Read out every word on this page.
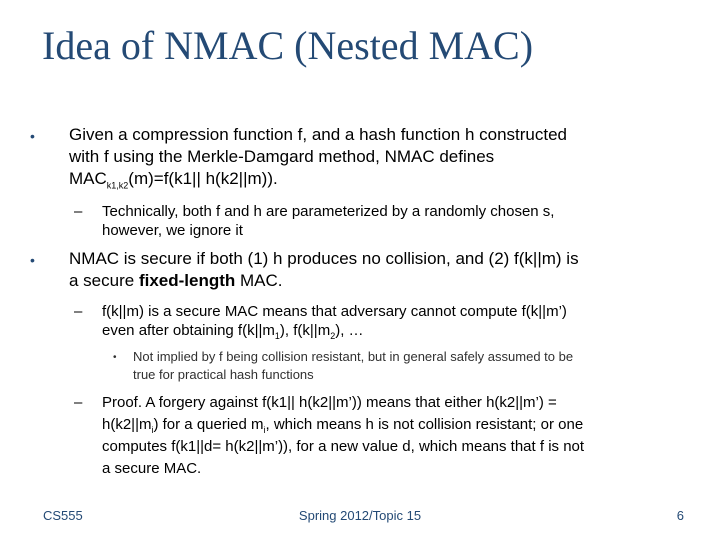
Idea of NMAC (Nested MAC)
•	Given a compression function f, and a hash function h constructed
with f using the Merkle-Damgard method, NMAC defines
$MAC_{k1,k2}(m)=f(k1||$ h(k2||m)).
– Technically, both f and h are parameterized by a randomly chosen s,
however, we ignore it
•	NMAC is secure if both (1) h produces no collision, and (2) f(k||m) is
a secure fixed-length MAC.
– f(k||m) is a secure MAC means that adversary cannot compute f(k||m’)
even after obtaining $f(k||m_1)$, $f(k||m_2)$, …
• Not implied by f being collision resistant, but in general safely assumed to be
true for practical hash functions
– Proof. A forgery against f(k1|| h(k2||m’)) means that either h(k2||m’) =
$h(k2||m_i)$ for a queried $m_i$, which means h is not collision resistant; or one
computes f(k1||d= h(k2||m’)), for a new value d, which means that f is not
a secure MAC.
CS555	Spring 2012/Topic 15	6
